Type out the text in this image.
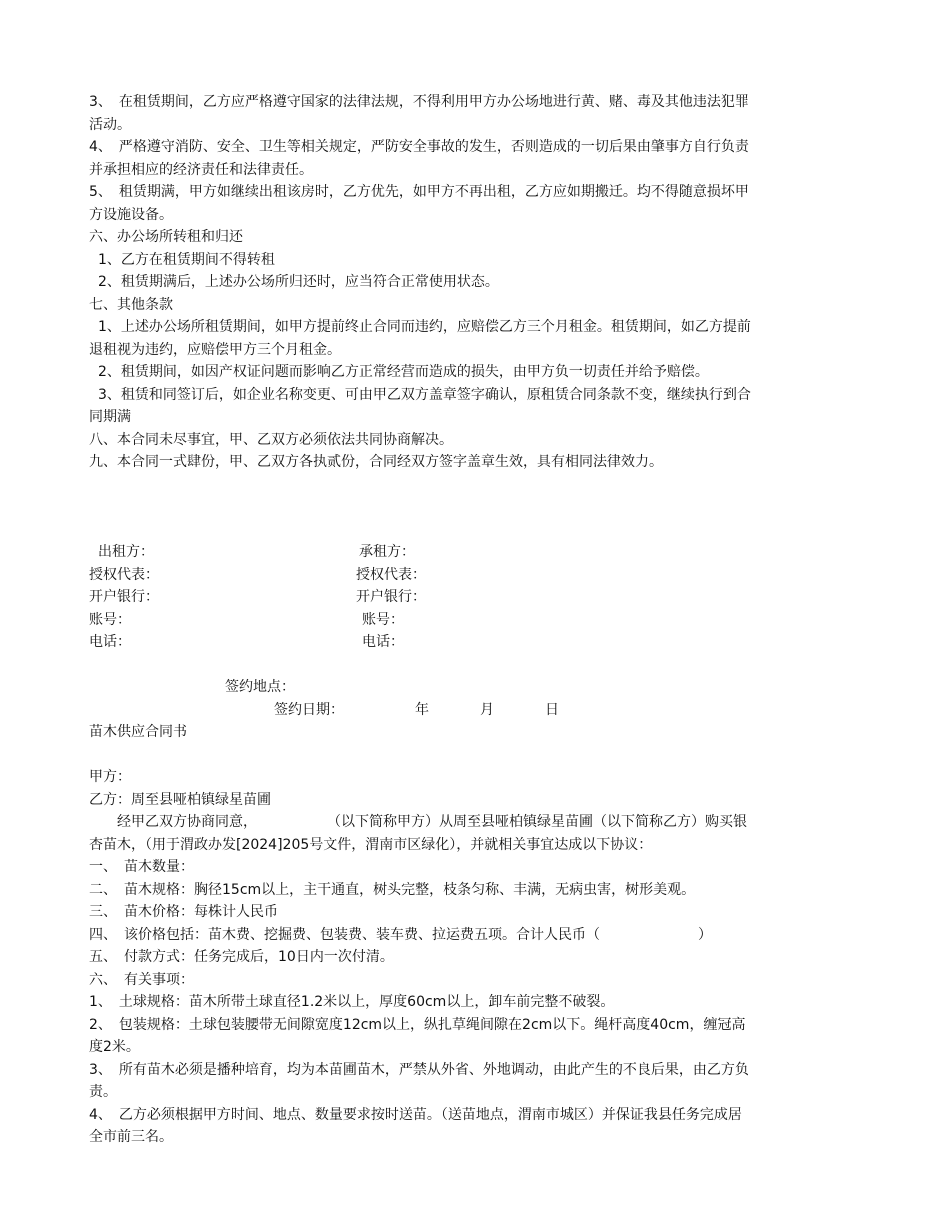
3、　在租赁期间，乙方应严格遵守国家的法律法规，不得利用甲方办公场地进行黄、赌、毒及其他违法犯罪
活动。
4、　严格遵守消防、安全、卫生等相关规定，严防安全事故的发生，否则造成的一切后果由肇事方自行负责
并承担相应的经济责任和法律责任。
5、　租赁期满，甲方如继续出租该房时，乙方优先，如甲方不再出租，乙方应如期搬迁。均不得随意损坏甲
方设施设备。
六、办公场所转租和归还
1、乙方在租赁期间不得转租
2、租赁期满后，上述办公场所归还时，应当符合正常使用状态。
七、其他条款
1、上述办公场所租赁期间，如甲方提前终止合同而违约，应赔偿乙方三个月租金。租赁期间，如乙方提前
退租视为违约，应赔偿甲方三个月租金。
2、租赁期间，如因产权证问题而影响乙方正常经营而造成的损失，由甲方负一切责任并给予赔偿。
3、租赁和同签订后，如企业名称变更、可由甲乙双方盖章签字确认，原租赁合同条款不变，继续执行到合
同期满
八、本合同未尽事宜，甲、乙双方必须依法共同协商解决。
九、本合同一式肆份，甲、乙双方各执贰份，合同经双方签字盖章生效，具有相同法律效力。
出租方：	承租方：
授权代表：	授权代表：
开户银行：	开户银行：
账号：	账号：
电话：	电话：
签约地点：
签约日期：	年	月	日
苗木供应合同书
甲方：
乙方：周至县哑柏镇绿星苗圃
　　经甲乙双方协商同意，　　　　　　（以下简称甲方）从周至县哑柏镇绿星苗圃（以下简称乙方）购买银
杏苗木，（用于渭政办发[2024]205号文件，渭南市区绿化），并就相关事宜达成以下协议：
一、　苗木数量：
二、　苗木规格：胸径15cm以上，主干通直，树头完整，枝条匀称、丰满，无病虫害，树形美观。
三、　苗木价格：每株计人民币
四、　该价格包括：苗木费、挖掘费、包装费、装车费、拉运费五项。合计人民币（　　　　　　　）
五、　付款方式：任务完成后，10日内一次付清。
六、　有关事项：
1、　土球规格：苗木所带土球直径1.2米以上，厚度60cm以上，卸车前完整不破裂。
2、　包装规格：土球包装腰带无间隙宽度12cm以上，纵扎草绳间隙在2cm以下。绳杆高度40cm，缠冠高
度2米。
3、　所有苗木必须是播种培育，均为本苗圃苗木，严禁从外省、外地调动，由此产生的不良后果，由乙方负
责。
4、　乙方必须根据甲方时间、地点、数量要求按时送苗。（送苗地点，渭南市城区）并保证我县任务完成居
全市前三名。
